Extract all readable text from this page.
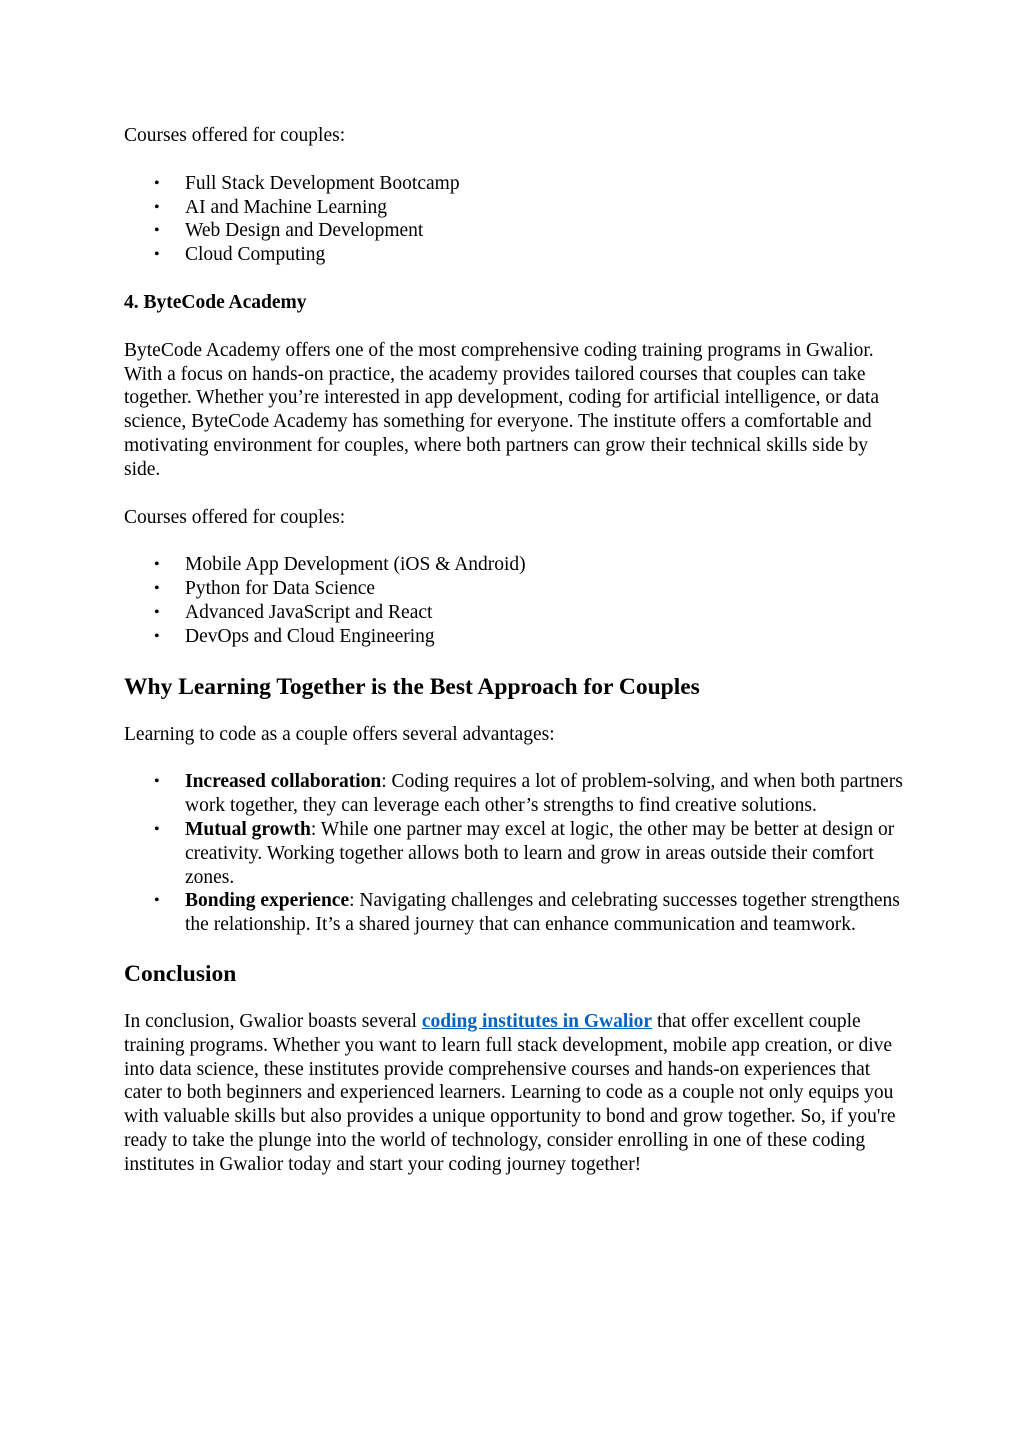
Courses offered for couples:

• Full Stack Development Bootcamp
• AI and Machine Learning
• Web Design and Development
• Cloud Computing

4. ByteCode Academy

ByteCode Academy offers one of the most comprehensive coding training programs in Gwalior. With a focus on hands-on practice, the academy provides tailored courses that couples can take together. Whether you’re interested in app development, coding for artificial intelligence, or data science, ByteCode Academy has something for everyone. The institute offers a comfortable and motivating environment for couples, where both partners can grow their technical skills side by side.

Courses offered for couples:

• Mobile App Development (iOS & Android)
• Python for Data Science
• Advanced JavaScript and React
• DevOps and Cloud Engineering

Why Learning Together is the Best Approach for Couples

Learning to code as a couple offers several advantages:

• Increased collaboration: Coding requires a lot of problem-solving, and when both partners work together, they can leverage each other’s strengths to find creative solutions.
• Mutual growth: While one partner may excel at logic, the other may be better at design or creativity. Working together allows both to learn and grow in areas outside their comfort zones.
• Bonding experience: Navigating challenges and celebrating successes together strengthens the relationship. It’s a shared journey that can enhance communication and teamwork.

Conclusion

In conclusion, Gwalior boasts several coding institutes in Gwalior that offer excellent couple training programs. Whether you want to learn full stack development, mobile app creation, or dive into data science, these institutes provide comprehensive courses and hands-on experiences that cater to both beginners and experienced learners. Learning to code as a couple not only equips you with valuable skills but also provides a unique opportunity to bond and grow together. So, if you're ready to take the plunge into the world of technology, consider enrolling in one of these coding institutes in Gwalior today and start your coding journey together!
